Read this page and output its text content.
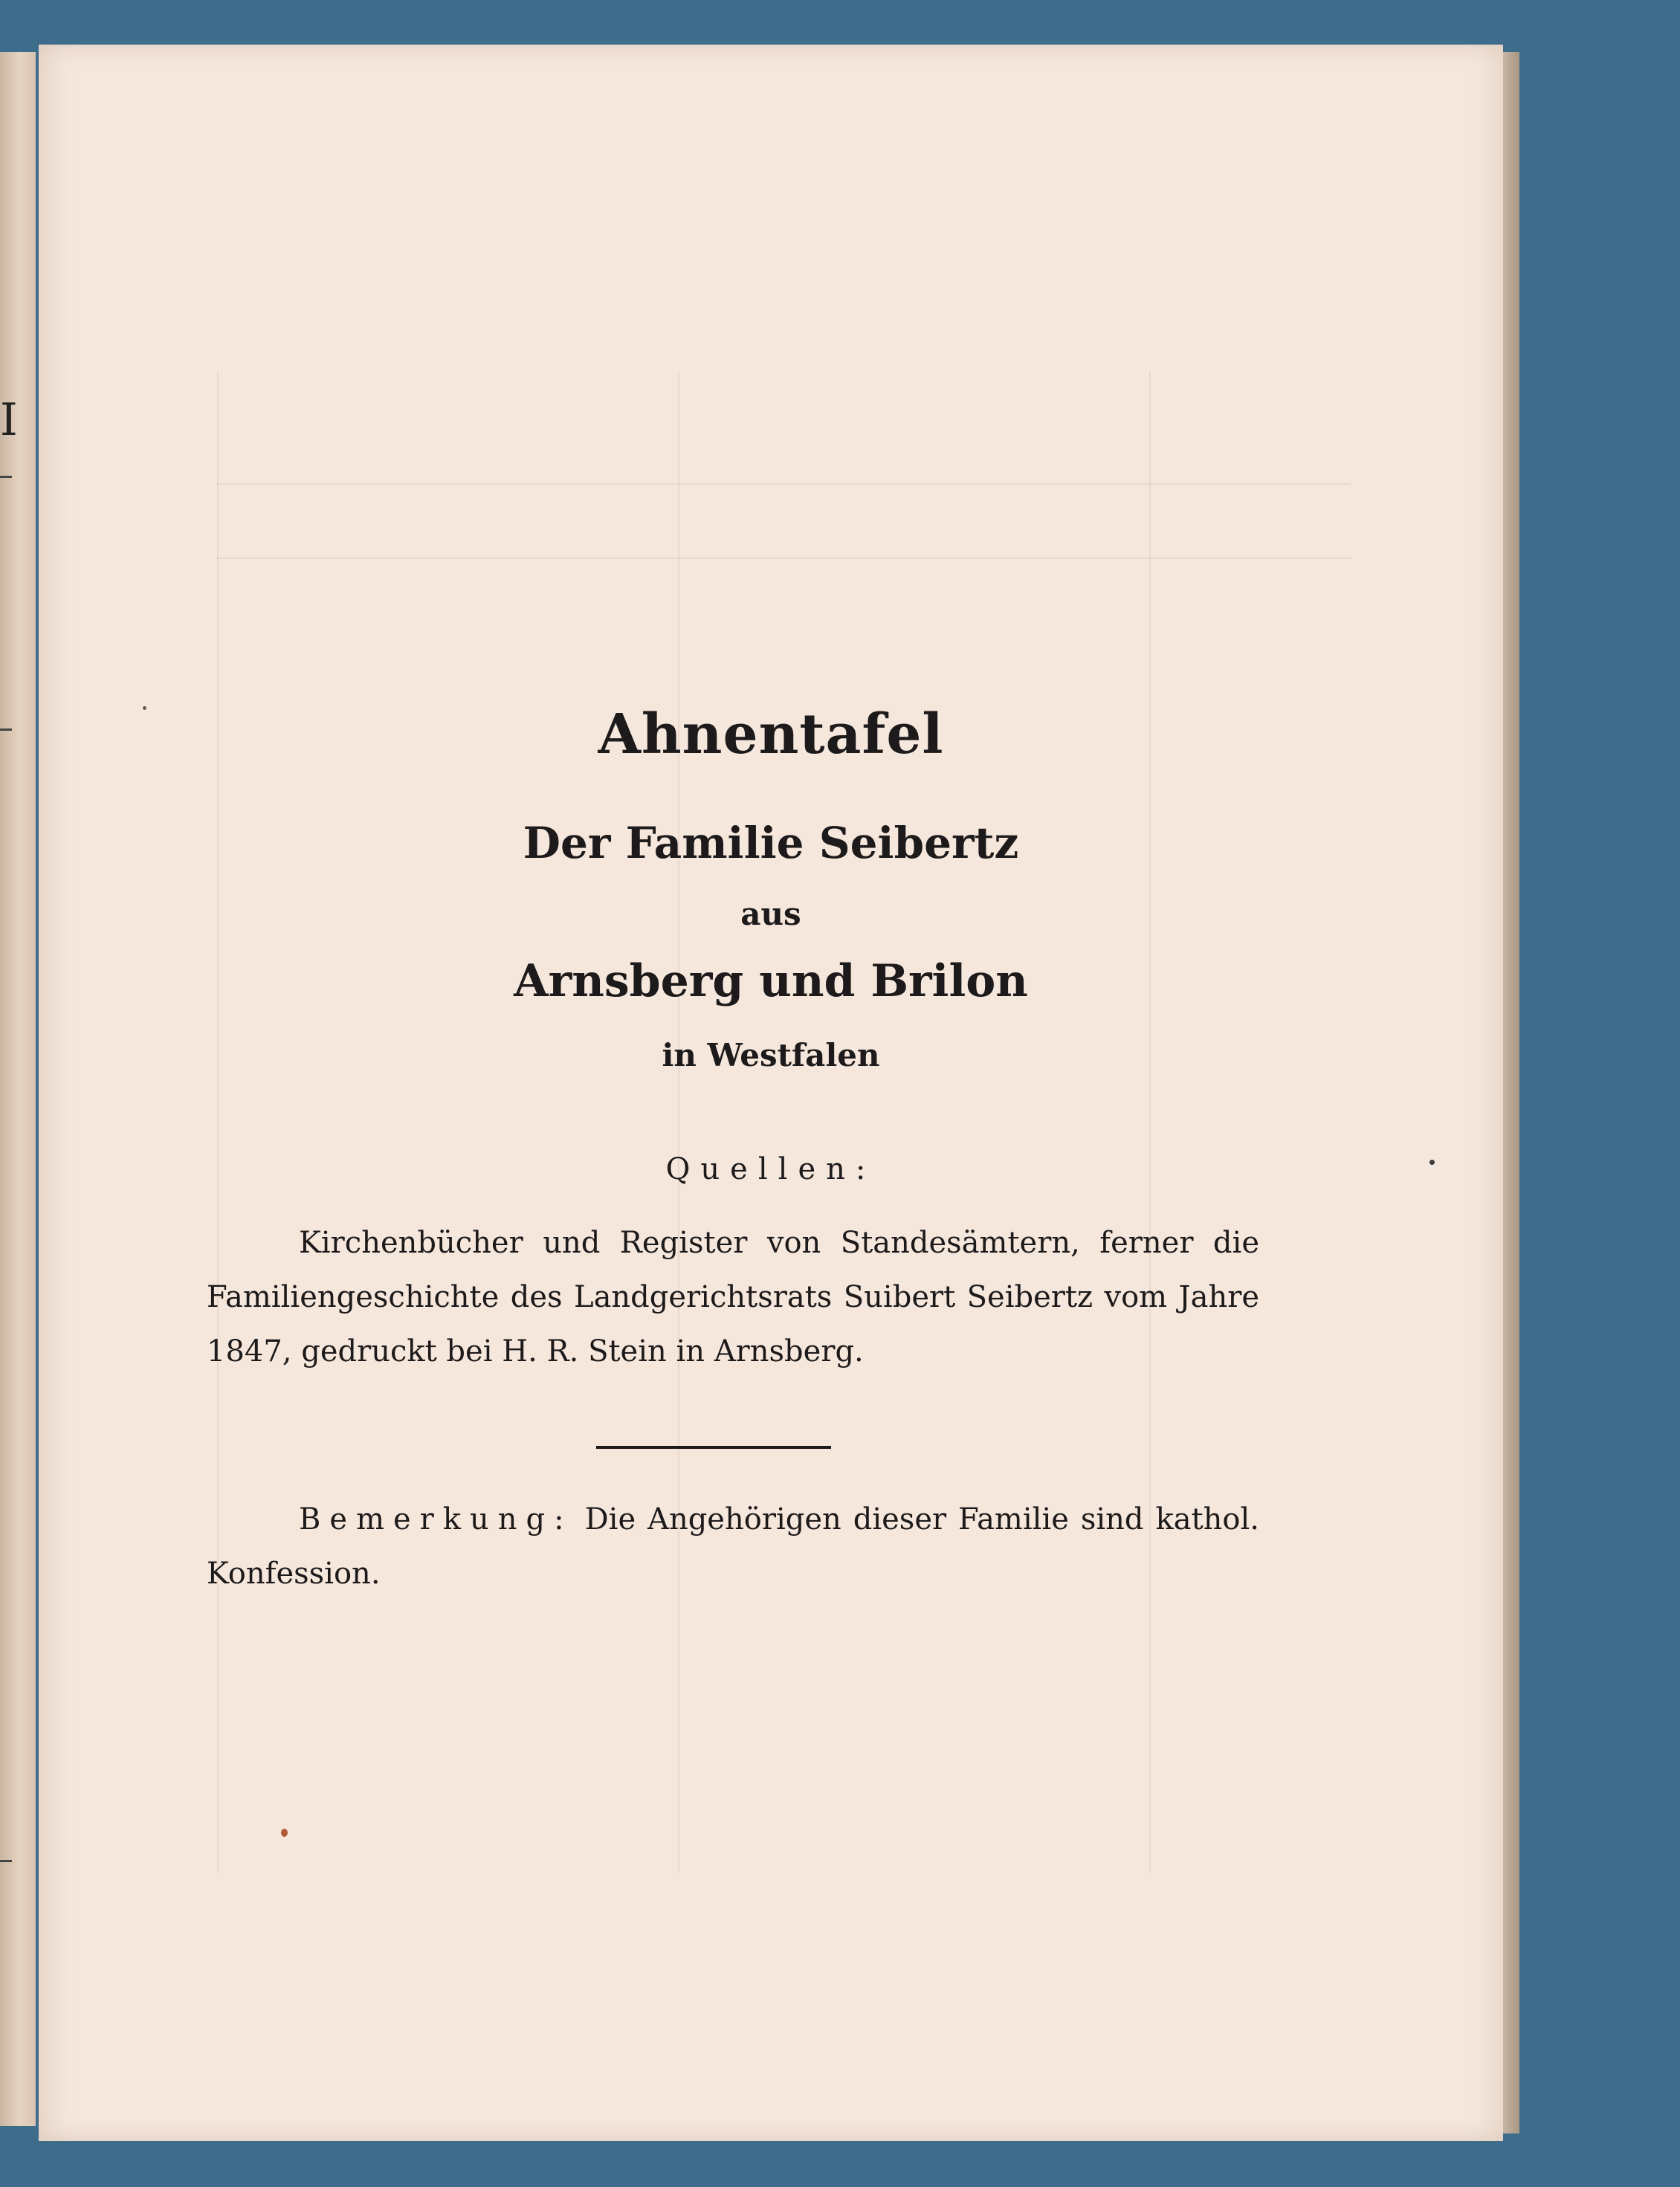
I
Ahnentafel
Der Familie Seibertz
aus
Arnsberg und Brilon
in Westfalen
Quellen:
Kirchenbücher und Register von Standesämtern, ferner die Familiengeschichte des Landgerichtsrats Suibert Seibertz vom Jahre 1847, gedruckt bei H. R. Stein in Arnsberg.
Bemerkung: Die Angehörigen dieser Familie sind kathol. Konfession.
